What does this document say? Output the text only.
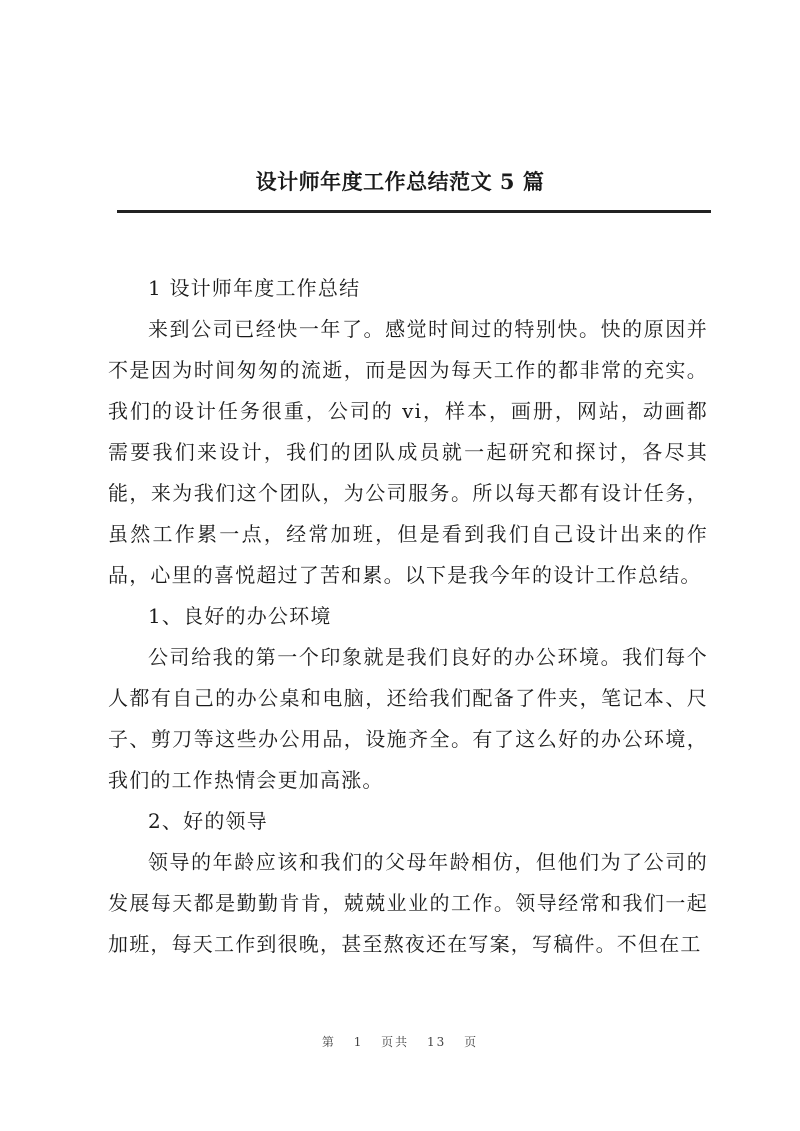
设计师年度工作总结范文 5 篇

1 设计师年度工作总结

来到公司已经快一年了。感觉时间过的特别快。快的原因并不是因为时间匆匆的流逝，而是因为每天工作的都非常的充实。我们的设计任务很重，公司的 vi，样本，画册，网站，动画都需要我们来设计，我们的团队成员就一起研究和探讨，各尽其能，来为我们这个团队，为公司服务。所以每天都有设计任务，虽然工作累一点，经常加班，但是看到我们自己设计出来的作品，心里的喜悦超过了苦和累。以下是我今年的设计工作总结。

1、良好的办公环境

公司给我的第一个印象就是我们良好的办公环境。我们每个人都有自己的办公桌和电脑，还给我们配备了件夹，笔记本、尺子、剪刀等这些办公用品，设施齐全。有了这么好的办公环境，我们的工作热情会更加高涨。

2、好的领导

领导的年龄应该和我们的父母年龄相仿，但他们为了公司的发展每天都是勤勤肯肯，兢兢业业的工作。领导经常和我们一起加班，每天工作到很晚，甚至熬夜还在写案，写稿件。不但在工

第 1 页共 13 页
